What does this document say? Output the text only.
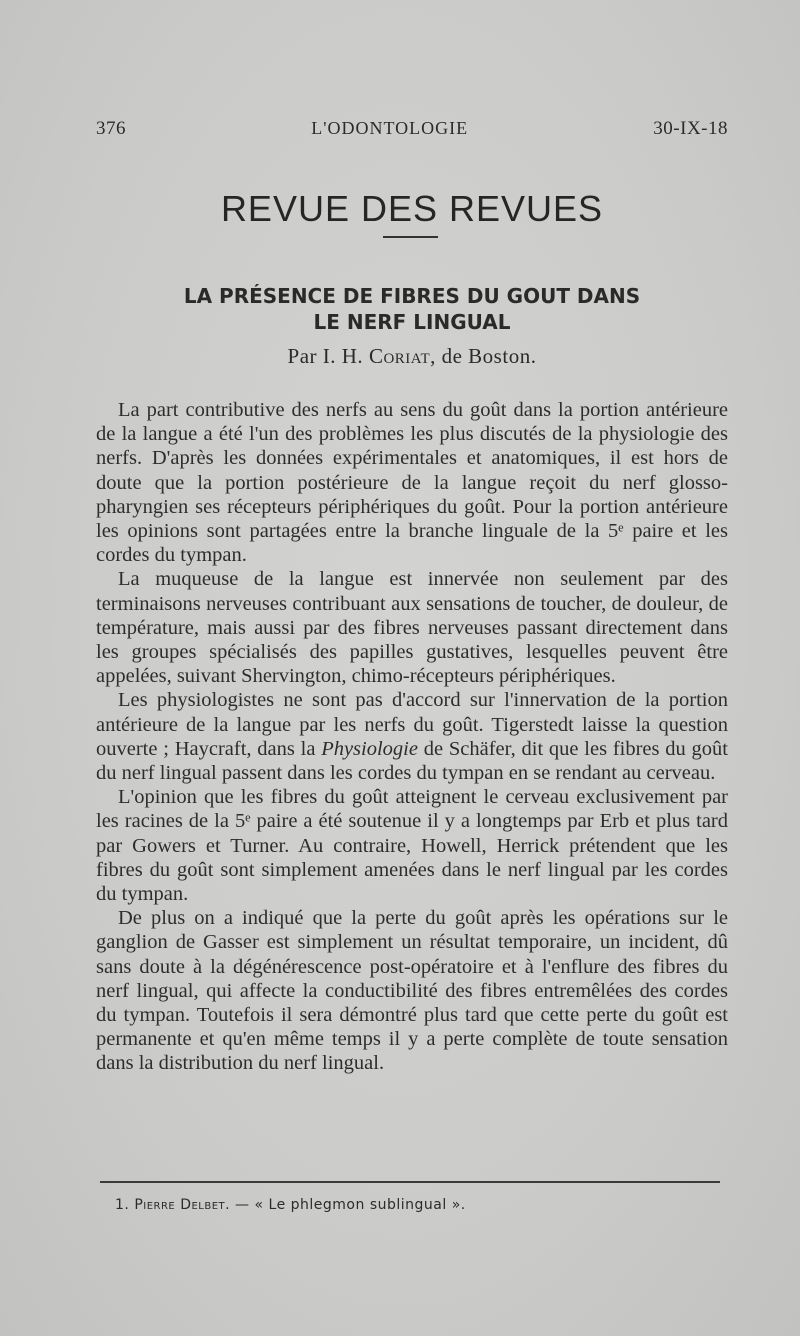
376	L'ODONTOLOGIE	30-IX-18
REVUE DES REVUES
LA PRÉSENCE DE FIBRES DU GOUT DANS
LE NERF LINGUAL
Par I. H. Coriat, de Boston.

La part contributive des nerfs au sens du goût dans la portion antérieure de la langue a été l'un des problèmes les plus discutés de la physiologie des nerfs. D'après les données expérimentales et anatomiques, il est hors de doute que la portion postérieure de la langue reçoit du nerf glosso-pharyngien ses récepteurs périphériques du goût. Pour la portion antérieure les opinions sont partagées entre la branche linguale de la 5ᵉ paire et les cordes du tympan.

La muqueuse de la langue est innervée non seulement par des terminaisons nerveuses contribuant aux sensations de toucher, de douleur, de température, mais aussi par des fibres nerveuses passant directement dans les groupes spécialisés des papilles gustatives, lesquelles peuvent être appelées, suivant Shervington, chimo-récepteurs périphériques.

Les physiologistes ne sont pas d'accord sur l'innervation de la portion antérieure de la langue par les nerfs du goût. Tigerstedt laisse la question ouverte ; Haycraft, dans la Physiologie de Schäfer, dit que les fibres du goût du nerf lingual passent dans les cordes du tympan en se rendant au cerveau.

L'opinion que les fibres du goût atteignent le cerveau exclusivement par les racines de la 5ᵉ paire a été soutenue il y a longtemps par Erb et plus tard par Gowers et Turner. Au contraire, Howell, Herrick prétendent que les fibres du goût sont simplement amenées dans le nerf lingual par les cordes du tympan.

De plus on a indiqué que la perte du goût après les opérations sur le ganglion de Gasser est simplement un résultat temporaire, un incident, dû sans doute à la dégénérescence post-opératoire et à l'enflure des fibres du nerf lingual, qui affecte la conductibilité des fibres entremêlées des cordes du tympan. Toutefois il sera démontré plus tard que cette perte du goût est permanente et qu'en même temps il y a perte complète de toute sensation dans la distribution du nerf lingual.

1. Pierre Delbet. — « Le phlegmon sublingual ».
